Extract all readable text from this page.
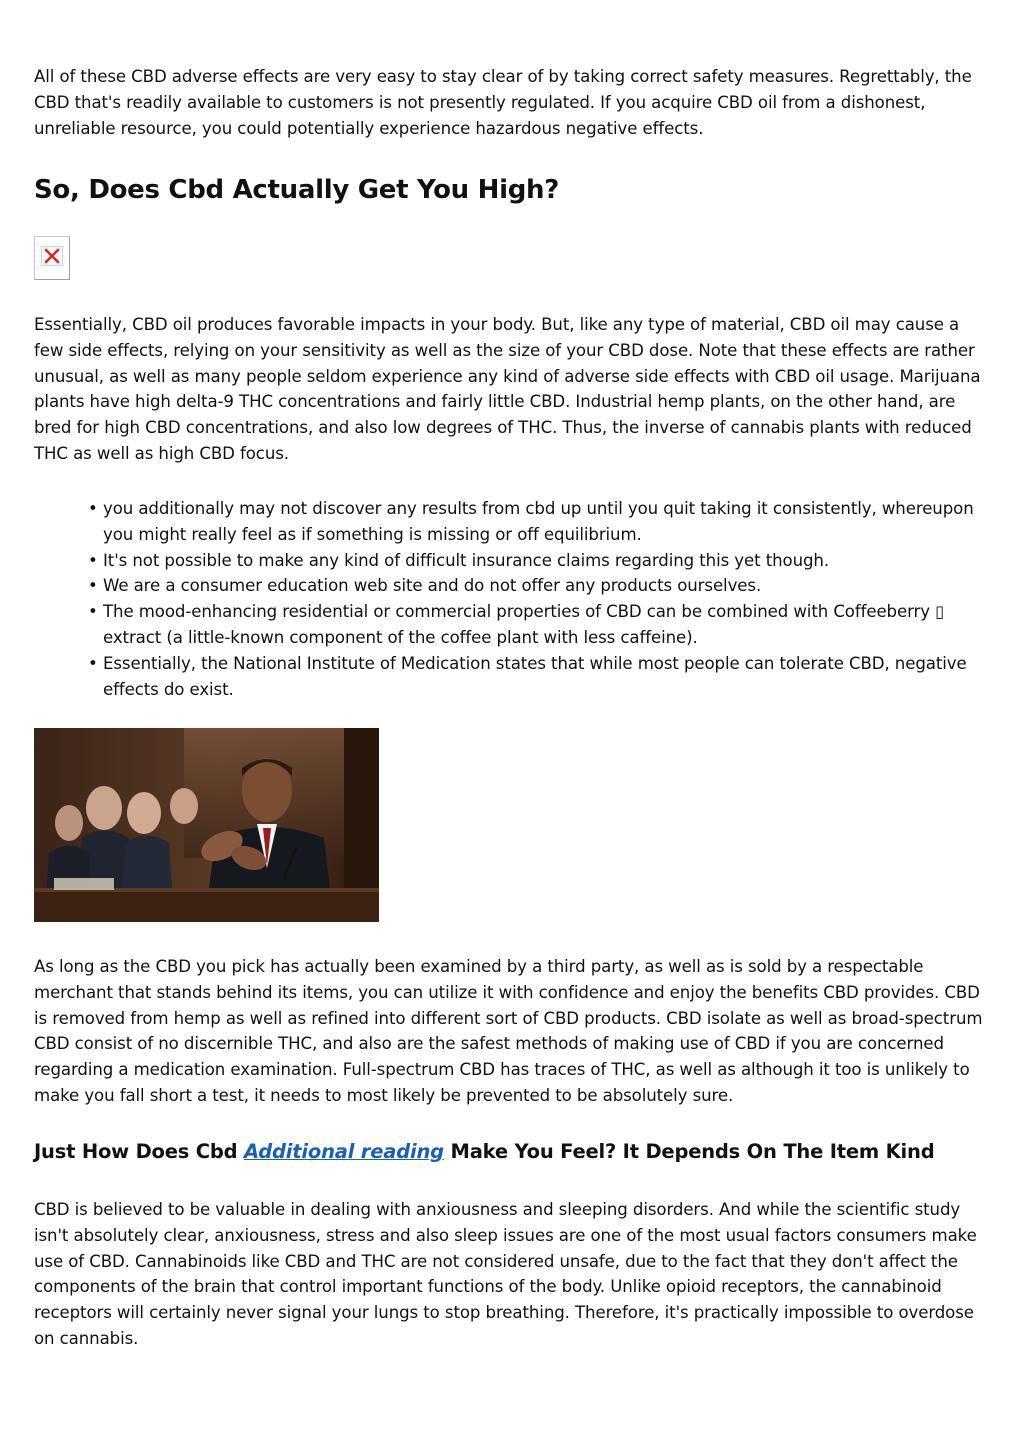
All of these CBD adverse effects are very easy to stay clear of by taking correct safety measures. Regrettably, the CBD that's readily available to customers is not presently regulated. If you acquire CBD oil from a dishonest, unreliable resource, you could potentially experience hazardous negative effects.

So, Does Cbd Actually Get You High?

Essentially, CBD oil produces favorable impacts in your body. But, like any type of material, CBD oil may cause a few side effects, relying on your sensitivity as well as the size of your CBD dose. Note that these effects are rather unusual, as well as many people seldom experience any kind of adverse side effects with CBD oil usage. Marijuana plants have high delta-9 THC concentrations and fairly little CBD. Industrial hemp plants, on the other hand, are bred for high CBD concentrations, and also low degrees of THC. Thus, the inverse of cannabis plants with reduced THC as well as high CBD focus.

• you additionally may not discover any results from cbd up until you quit taking it consistently, whereupon you might really feel as if something is missing or off equilibrium.
• It's not possible to make any kind of difficult insurance claims regarding this yet though.
• We are a consumer education web site and do not offer any products ourselves.
• The mood-enhancing residential or commercial properties of CBD can be combined with Coffeeberry ▯ extract (a little-known component of the coffee plant with less caffeine).
• Essentially, the National Institute of Medication states that while most people can tolerate CBD, negative effects do exist.

As long as the CBD you pick has actually been examined by a third party, as well as is sold by a respectable merchant that stands behind its items, you can utilize it with confidence and enjoy the benefits CBD provides. CBD is removed from hemp as well as refined into different sort of CBD products. CBD isolate as well as broad-spectrum CBD consist of no discernible THC, and also are the safest methods of making use of CBD if you are concerned regarding a medication examination. Full-spectrum CBD has traces of THC, as well as although it too is unlikely to make you fall short a test, it needs to most likely be prevented to be absolutely sure.

Just How Does Cbd Additional reading Make You Feel? It Depends On The Item Kind

CBD is believed to be valuable in dealing with anxiousness and sleeping disorders. And while the scientific study isn't absolutely clear, anxiousness, stress and also sleep issues are one of the most usual factors consumers make use of CBD. Cannabinoids like CBD and THC are not considered unsafe, due to the fact that they don't affect the components of the brain that control important functions of the body. Unlike opioid receptors, the cannabinoid receptors will certainly never signal your lungs to stop breathing. Therefore, it's practically impossible to overdose on cannabis.
